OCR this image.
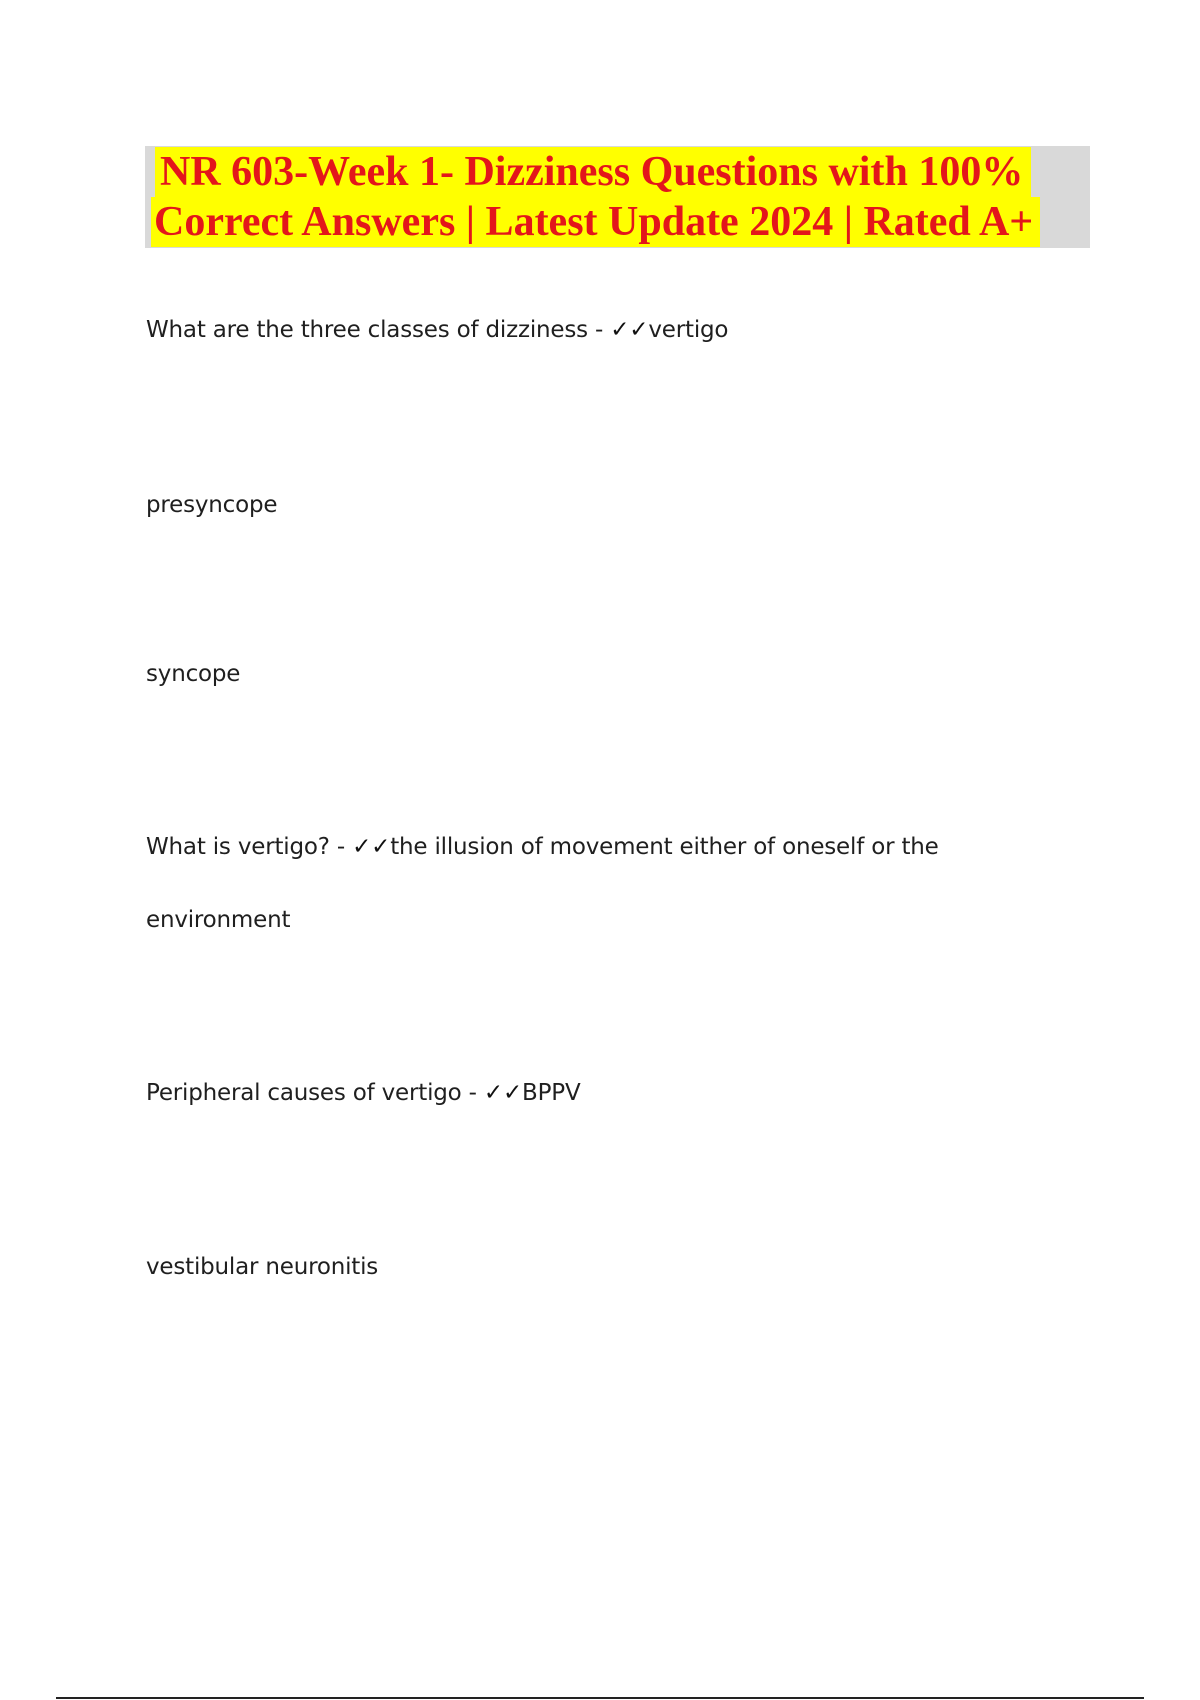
NR 603-Week 1- Dizziness Questions with 100%
Correct Answers | Latest Update 2024 | Rated A+
What are the three classes of dizziness - ✓✓vertigo
presyncope
syncope
What is vertigo? - ✓✓the illusion of movement either of oneself or the
environment
Peripheral causes of vertigo - ✓✓BPPV
vestibular neuronitis
